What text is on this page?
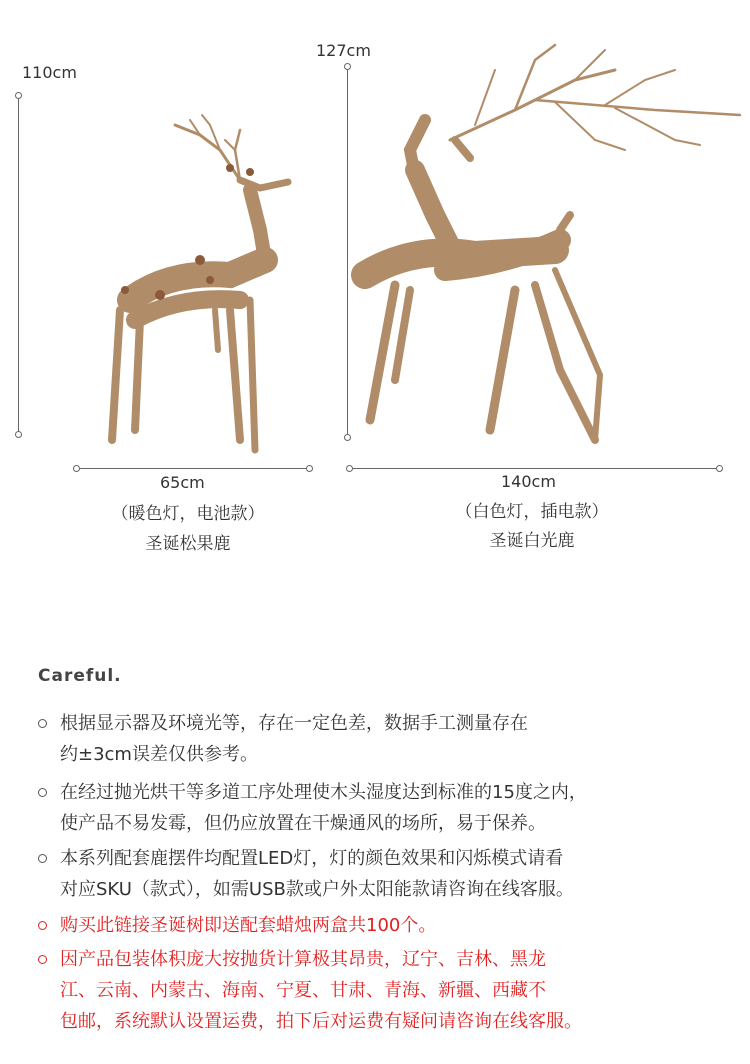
110cm
65cm
（暖色灯，电池款）
圣诞松果鹿
127cm
140cm
（白色灯，插电款）
圣诞白光鹿
Careful.
根据显示器及环境光等，存在一定色差，数据手工测量存在
约±3cm误差仅供参考。
在经过抛光烘干等多道工序处理使木头湿度达到标准的15度之内，
使产品不易发霉，但仍应放置在干燥通风的场所，易于保养。
本系列配套鹿摆件均配置LED灯，灯的颜色效果和闪烁模式请看
对应SKU（款式），如需USB款或户外太阳能款请咨询在线客服。
购买此链接圣诞树即送配套蜡烛两盒共100个。
因产品包装体积庞大按抛货计算极其昂贵，辽宁、吉林、黑龙
江、云南、内蒙古、海南、宁夏、甘肃、青海、新疆、西藏不
包邮，系统默认设置运费，拍下后对运费有疑问请咨询在线客服。
